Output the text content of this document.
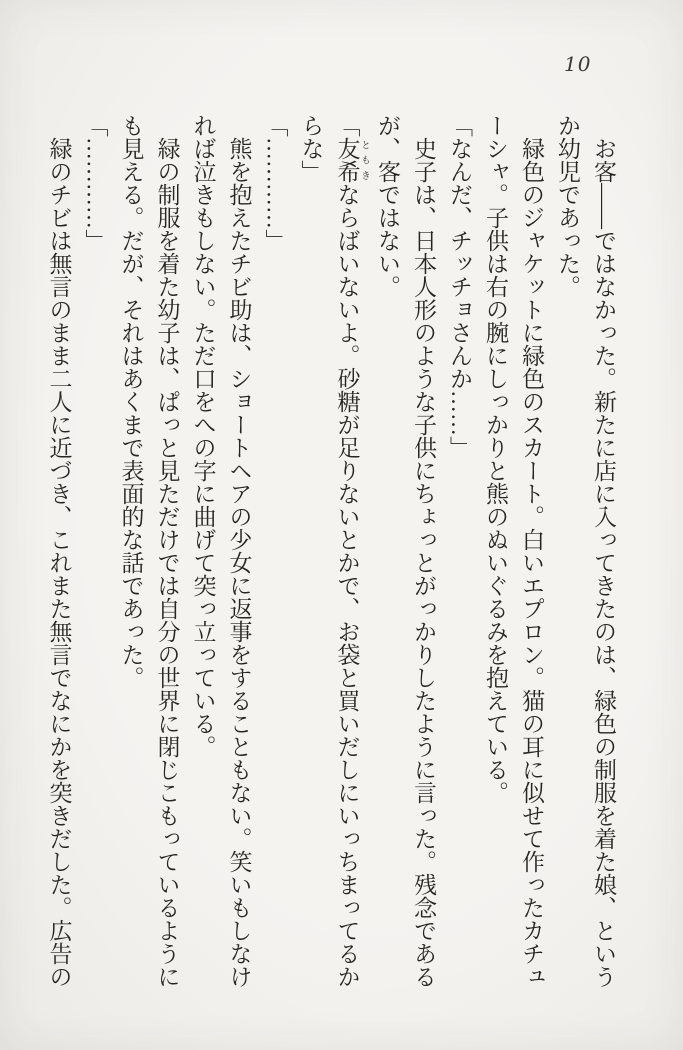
10

お客――ではなかった。新たに店に入ってきたのは、緑色の制服を着た娘、というか幼児であった。

緑色のジャケットに緑色のスカート。白いエプロン。猫の耳に似せて作ったカチューシャ。子供は右の腕にしっかりと熊のぬいぐるみを抱えている。

「なんだ、チッチョさんか……」

史子は、日本人形のような子供にちょっとがっかりしたように言った。残念であるが、客ではない。

「友希 ともきならばいないよ。砂糖が足りないとかで、お袋と買いだしにいっちまってるからな」

「…………」

熊を抱えたチビ助は、ショートヘアの少女に返事をすることもない。笑いもしなければ泣きもしない。ただ口をへの字に曲げて突っ立っている。

緑の制服を着た幼子は、ぱっと見ただけでは自分の世界に閉じこもっているようにも見える。だが、それはあくまで表面的な話であった。

「…………」

緑のチビは無言のまま二人に近づき、これまた無言でなにかを突きだした。広告の
